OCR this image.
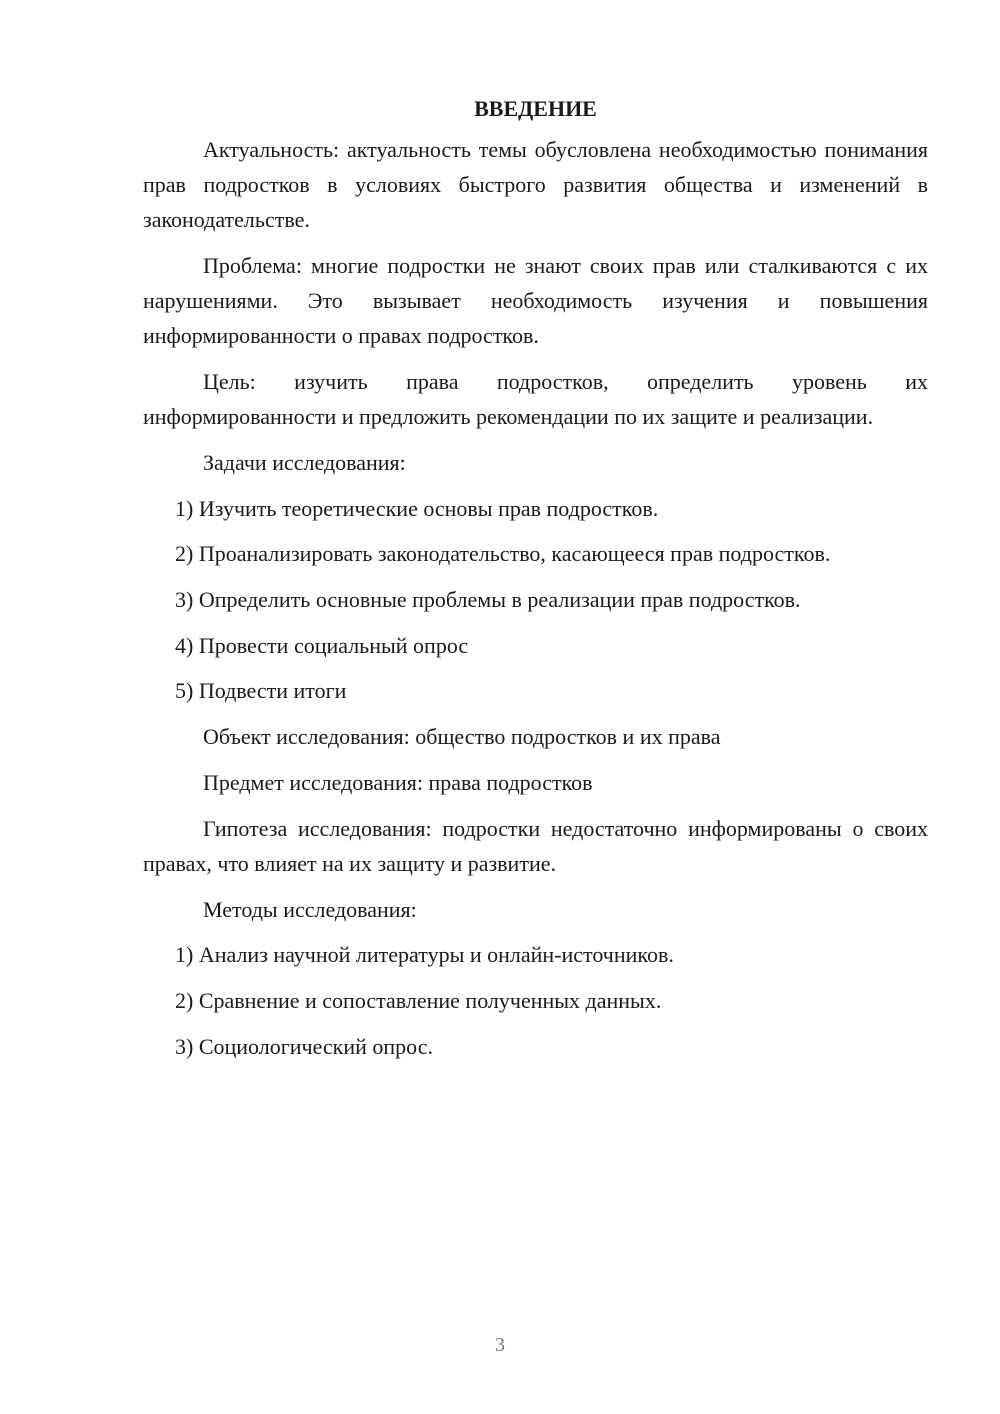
ВВЕДЕНИЕ
Актуальность: актуальность темы обусловлена необходимостью понимания прав подростков в условиях быстрого развития общества и изменений в законодательстве.
Проблема: многие подростки не знают своих прав или сталкиваются с их нарушениями. Это вызывает необходимость изучения и повышения информированности о правах подростков.
Цель: изучить права подростков, определить уровень их информированности и предложить рекомендации по их защите и реализации.
Задачи исследования:
1) Изучить теоретические основы прав подростков.
2) Проанализировать законодательство, касающееся прав подростков.
3) Определить основные проблемы в реализации прав подростков.
4) Провести социальный опрос
5) Подвести итоги
Объект исследования: общество подростков и их права
Предмет исследования: права подростков
Гипотеза исследования: подростки недостаточно информированы о своих правах, что влияет на их защиту и развитие.
Методы исследования:
1) Анализ научной литературы и онлайн-источников.
2) Сравнение и сопоставление полученных данных.
3) Социологический опрос.
3
